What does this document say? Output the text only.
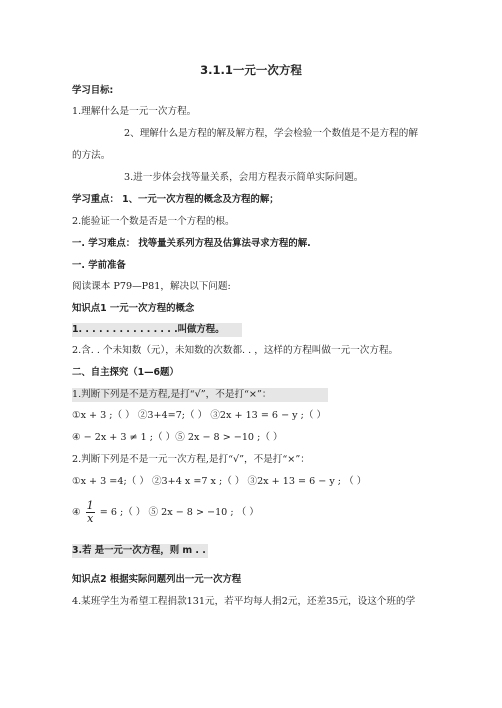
3.1.1一元一次方程
学习目标:
1.理解什么是一元一次方程。
2、理解什么是方程的解及解方程，学会检验一个数值是不是方程的解
的方法。
3.进一步体会找等量关系，会用方程表示简单实际问题。
学习重点： 1、一元一次方程的概念及方程的解；
2.能验证一个数是否是一个方程的根。
一. 学习难点： 找等量关系列方程及估算法寻求方程的解.
一. 学前准备
阅读课本 P79—P81，解决以下问题:
知识点1 一元一次方程的概念
1. . . . . . . . . . . . . . .叫做方程。
2.含. . 个未知数（元），未知数的次数都. . ，这样的方程叫做一元一次方程。
二、自主探究（1—6题）
1.判断下列是不是方程,是打“√”，不是打“×”：
①x + 3 ;（ ） ②3+4=7;（ ） ③2x + 13 = 6 − y ;（ ）
④ − 2x + 3 ≠ 1 ;（ ）⑤ 2x − 8 > −10 ;（ ）
2.判断下列是不是一元一次方程,是打“√”，不是打“×”：
①x + 3 =4;（ ） ②3+4 x =7 x ;（ ） ③2x + 13 = 6 − y ; （ ）
④ $\frac{1}{x} = 6$ ;（ ） ⑤ 2x − 8 > −10 ; （ ）
3.若 是一元一次方程，则 m . .
知识点2 根据实际问题列出一元一次方程
4.某班学生为希望工程捐款131元，若平均每人捐2元，还差35元，设这个班的学
